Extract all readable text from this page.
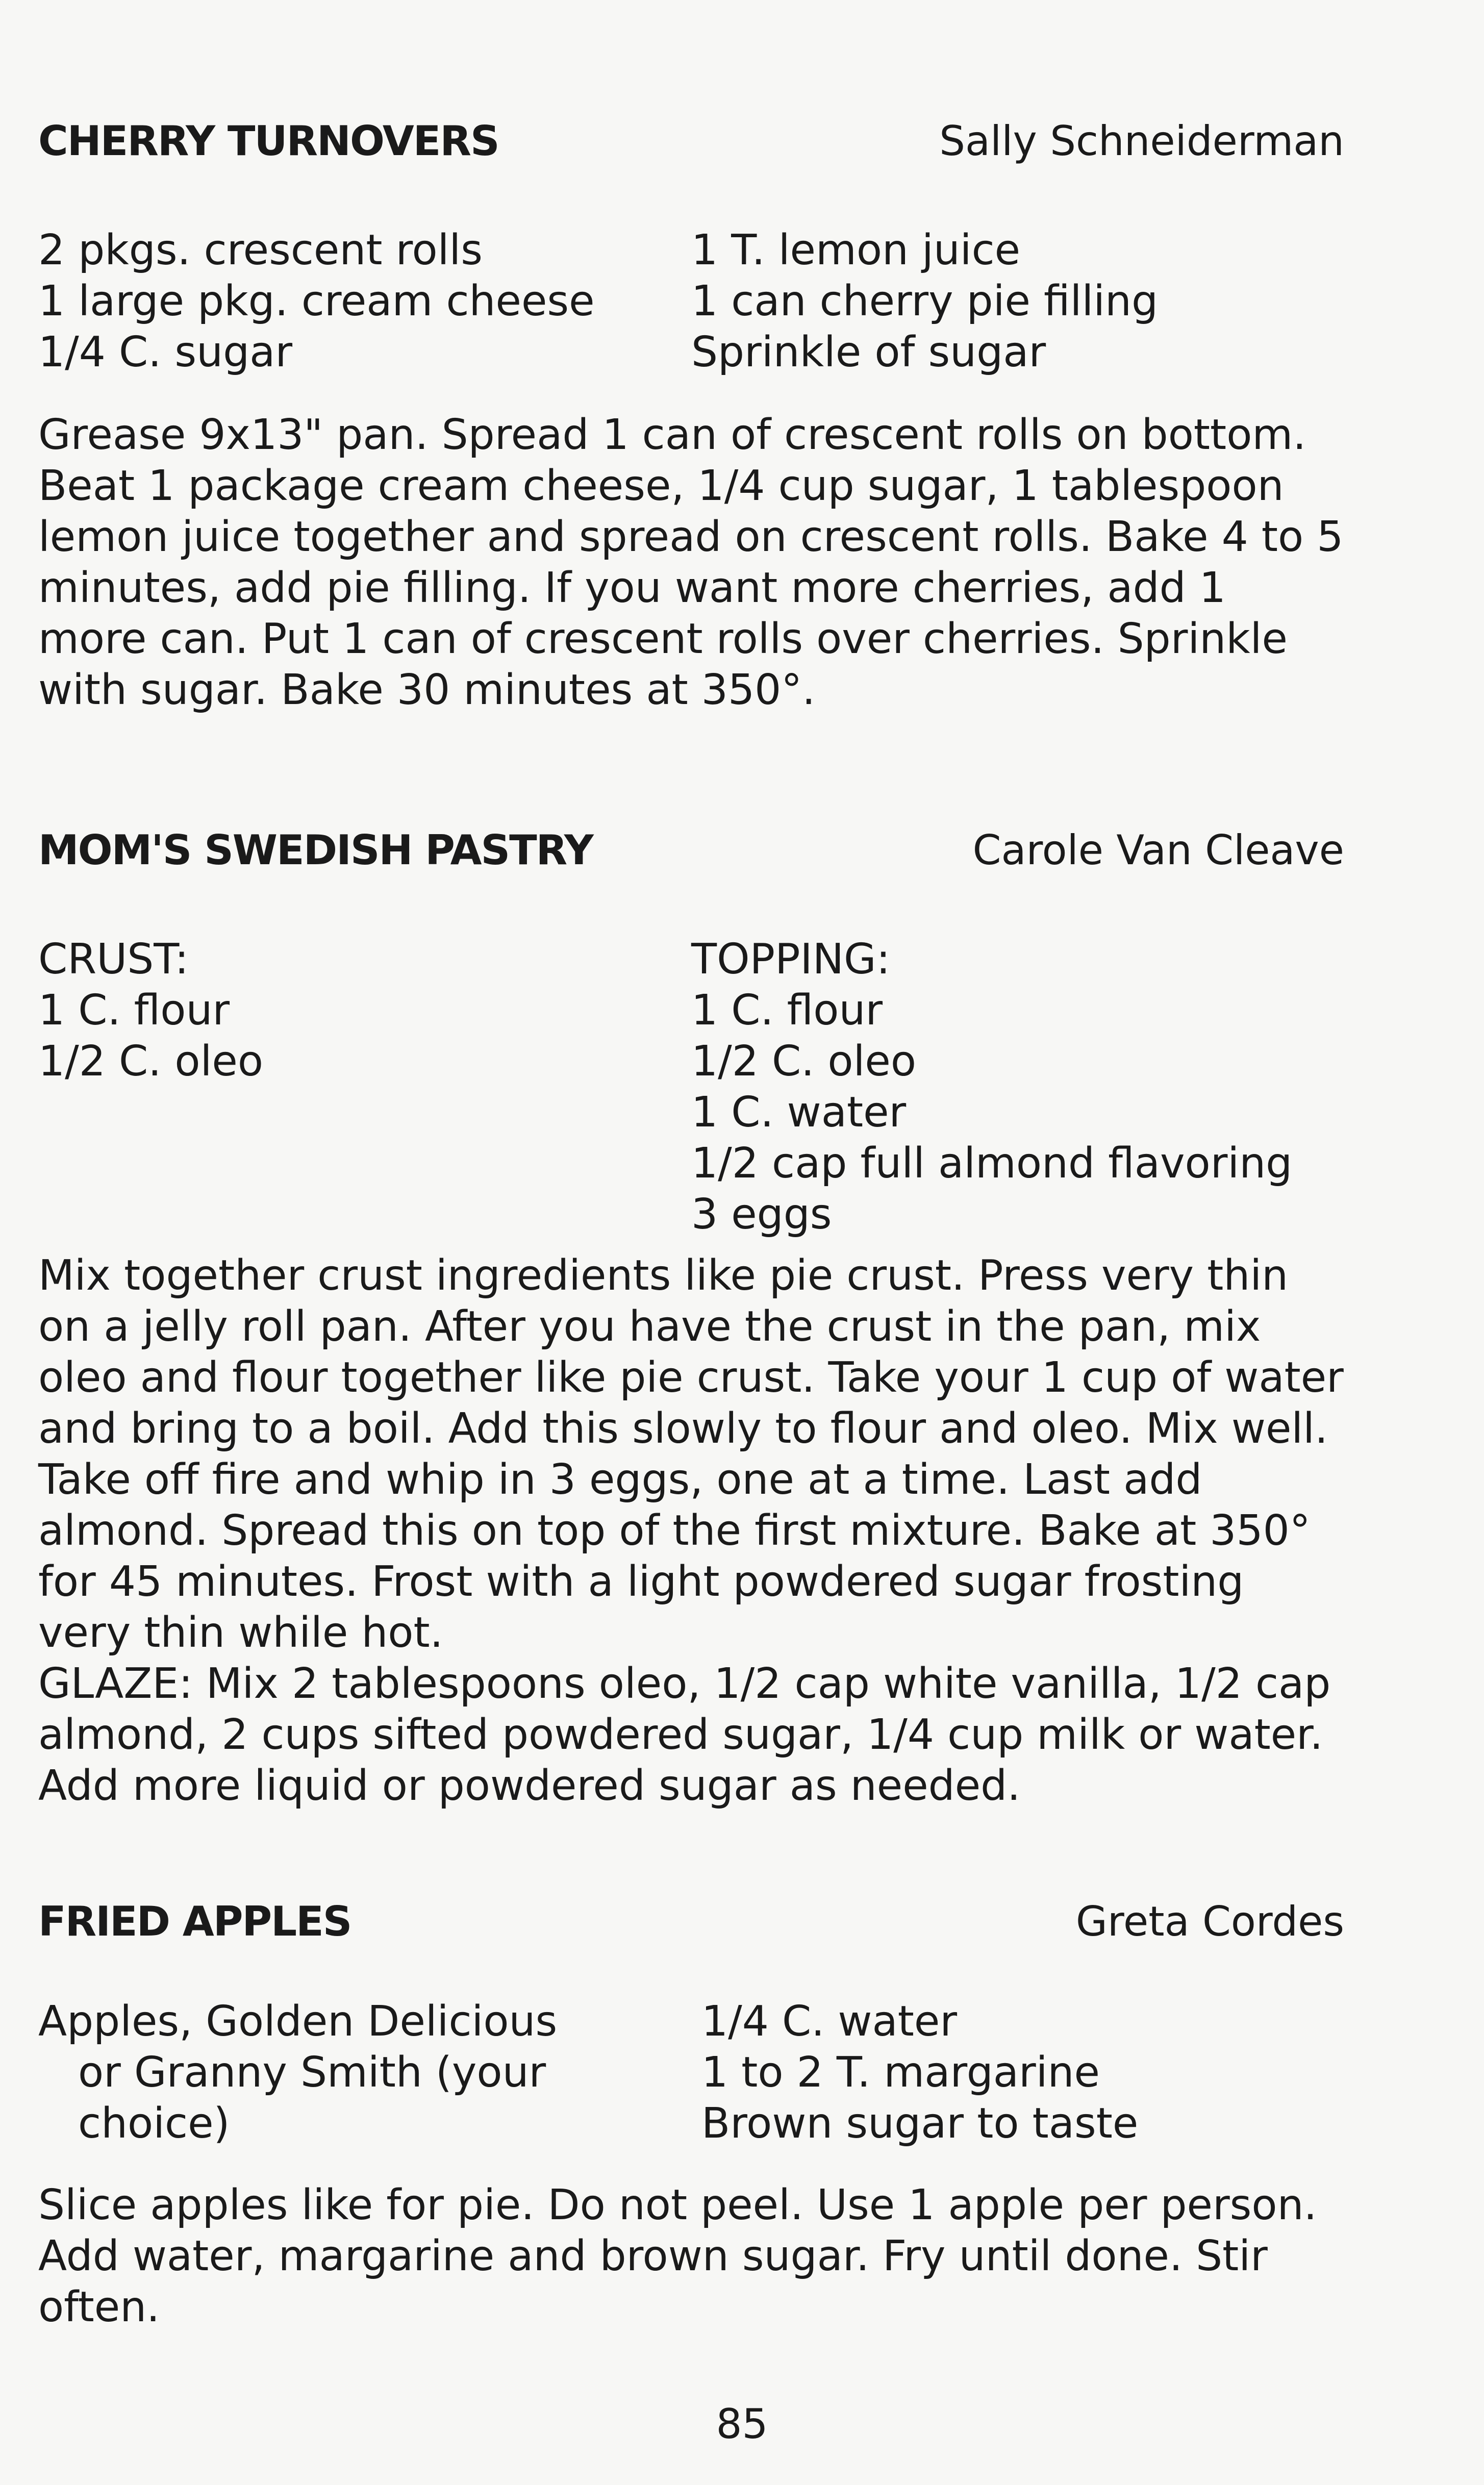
CHERRY TURNOVERS	Sally Schneiderman
2 pkgs. crescent rolls
1 large pkg. cream cheese
1/4 C. sugar
1 T. lemon juice
1 can cherry pie filling
Sprinkle of sugar

Grease 9x13" pan. Spread 1 can of crescent rolls on bottom. Beat 1 package cream cheese, 1/4 cup sugar, 1 tablespoon lemon juice together and spread on crescent rolls. Bake 4 to 5 minutes, add pie filling. If you want more cherries, add 1 more can. Put 1 can of crescent rolls over cherries. Sprinkle with sugar. Bake 30 minutes at 350°.

MOM'S SWEDISH PASTRY	Carole Van Cleave
CRUST:
1 C. flour
1/2 C. oleo
TOPPING:
1 C. flour
1/2 C. oleo
1 C. water
1/2 cap full almond flavoring
3 eggs

Mix together crust ingredients like pie crust. Press very thin on a jelly roll pan. After you have the crust in the pan, mix oleo and flour together like pie crust. Take your 1 cup of water and bring to a boil. Add this slowly to flour and oleo. Mix well. Take off fire and whip in 3 eggs, one at a time. Last add almond. Spread this on top of the first mixture. Bake at 350° for 45 minutes. Frost with a light powdered sugar frosting very thin while hot.

GLAZE: Mix 2 tablespoons oleo, 1/2 cap white vanilla, 1/2 cap almond, 2 cups sifted powdered sugar, 1/4 cup milk or water. Add more liquid or powdered sugar as needed.

FRIED APPLES	Greta Cordes
Apples, Golden Delicious
or Granny Smith (your
choice)
1/4 C. water
1 to 2 T. margarine
Brown sugar to taste

Slice apples like for pie. Do not peel. Use 1 apple per person. Add water, margarine and brown sugar. Fry until done. Stir often.

85
